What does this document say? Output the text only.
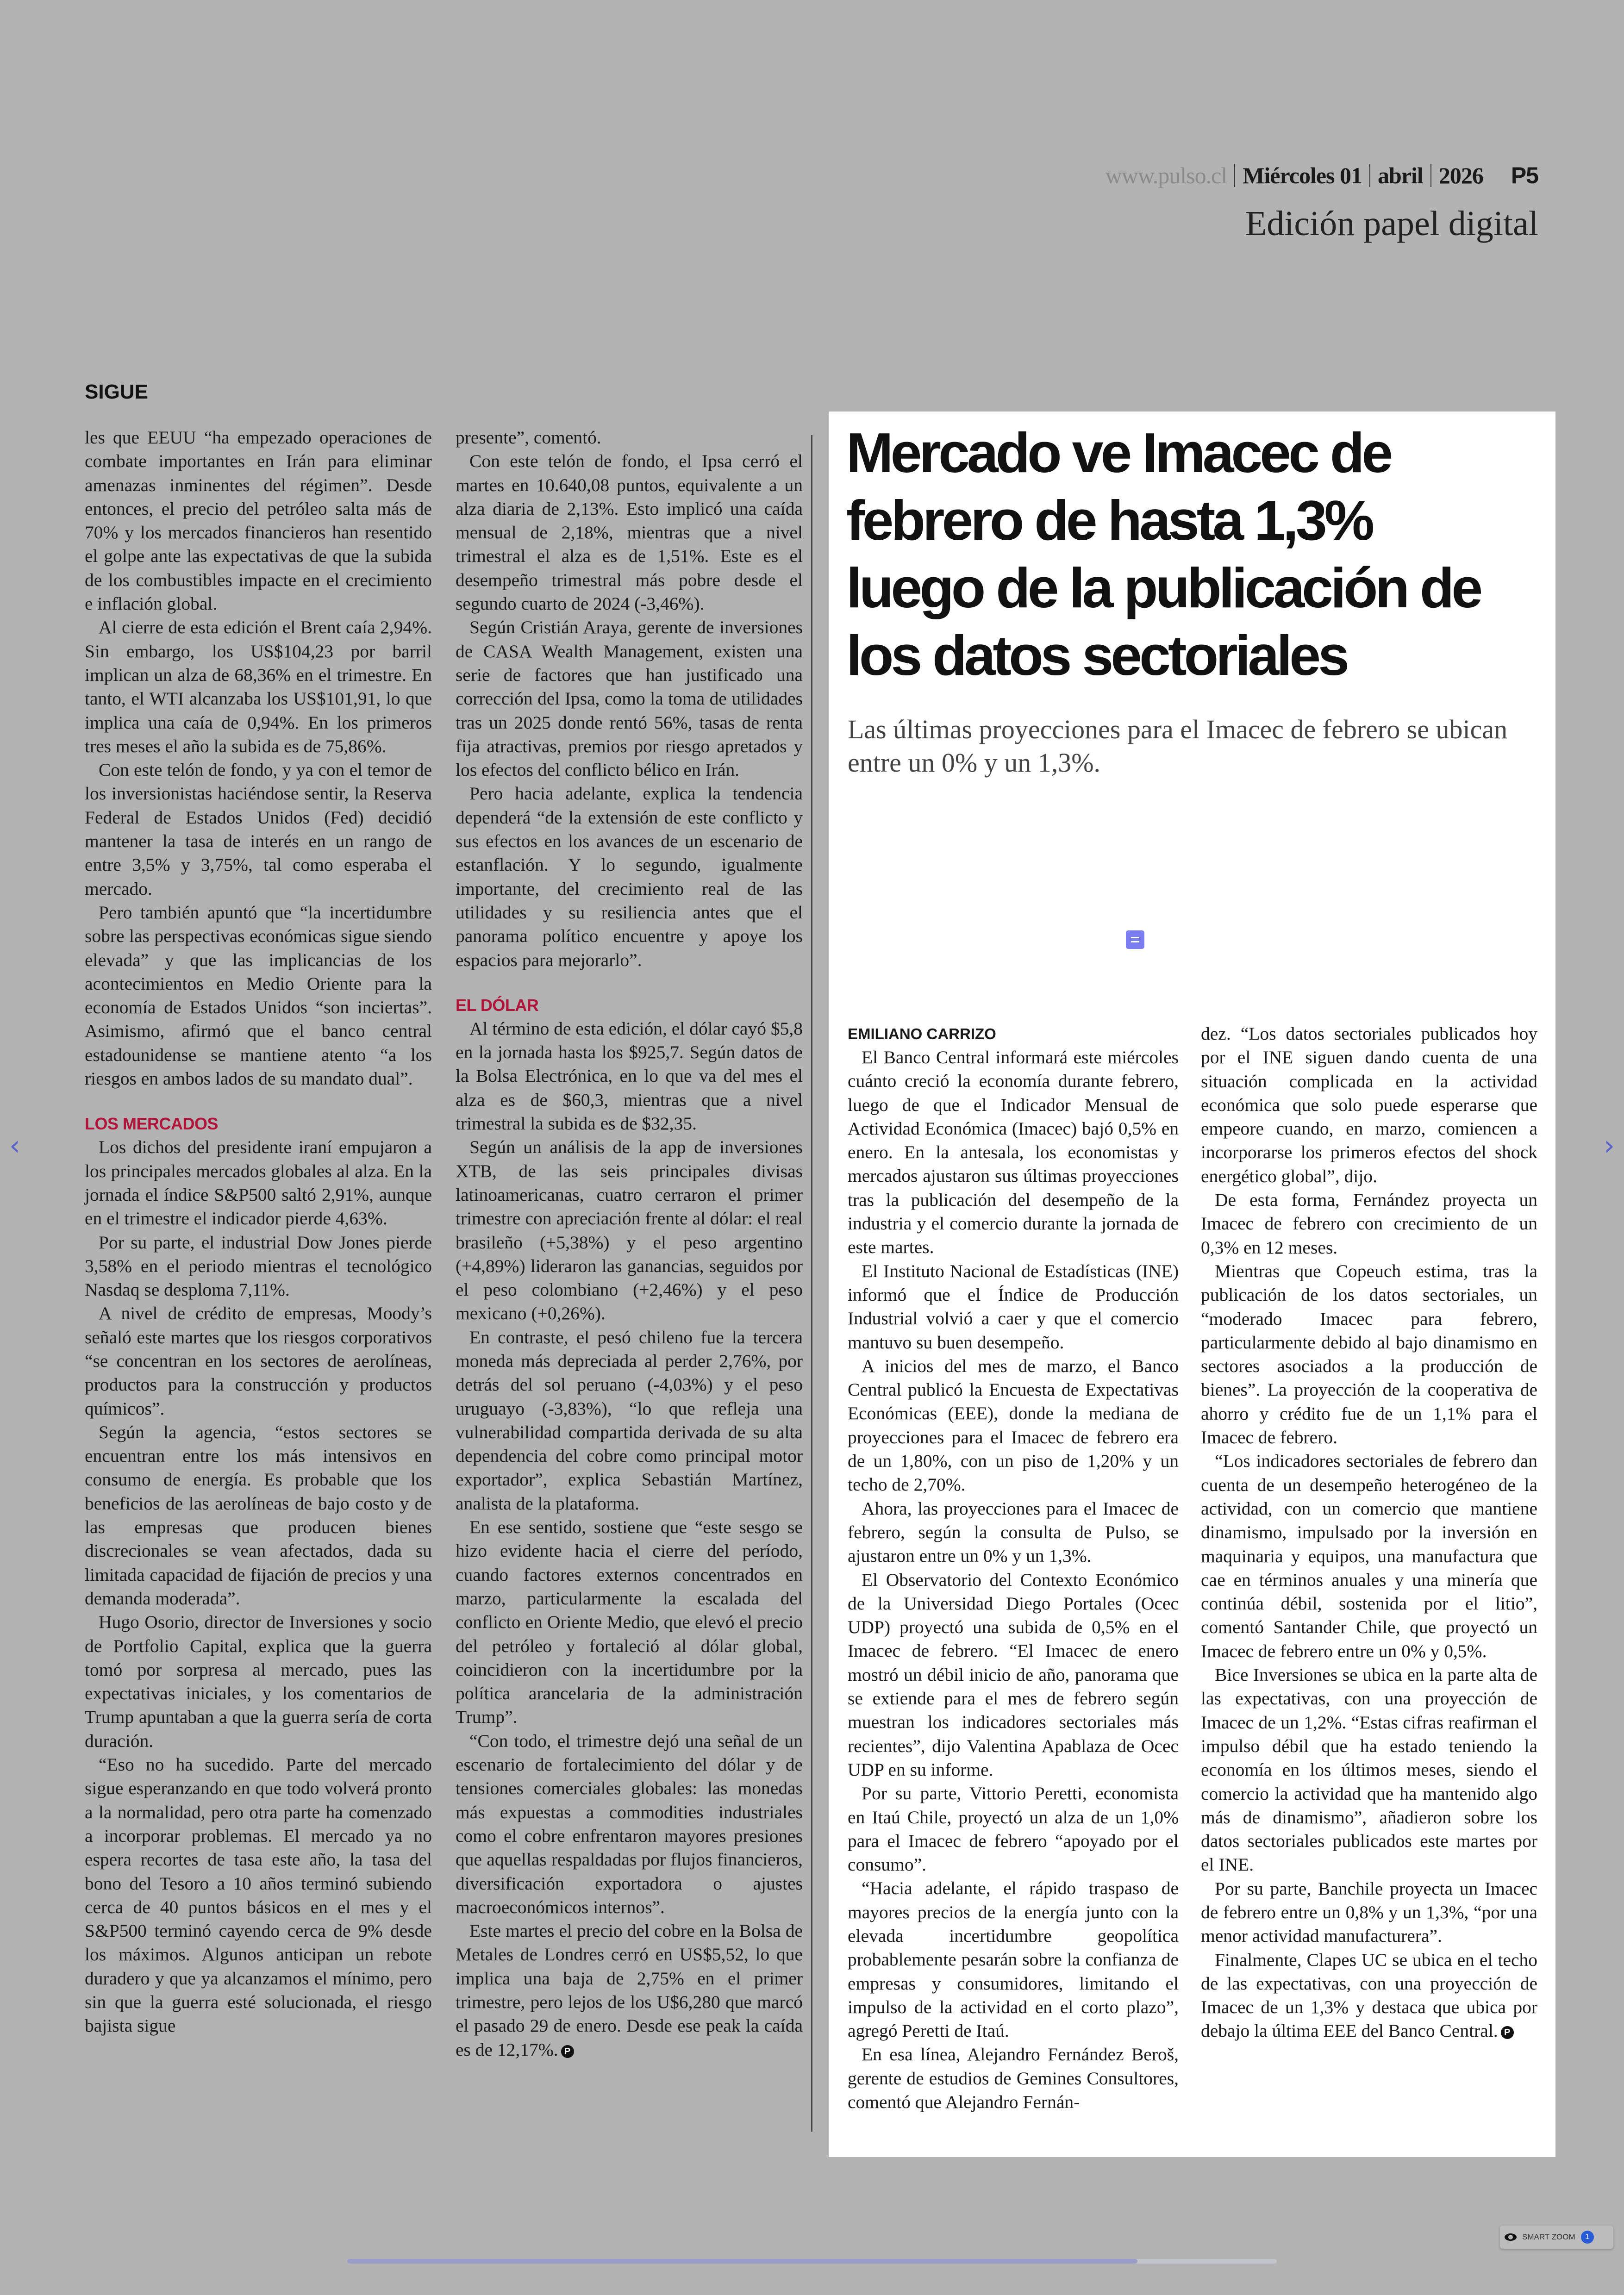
www.pulso.cl Miércoles 01 abril 2026 P5
Edición papel digital
SIGUE

les que EEUU “ha empezado operaciones de combate importantes en Irán para eliminar amenazas inminentes del régimen”. Desde entonces, el precio del petróleo salta más de 70% y los mercados financieros han resentido el golpe ante las expectativas de que la subida de los combustibles impacte en el crecimiento e inflación global.

Al cierre de esta edición el Brent caía 2,94%. Sin embargo, los US$104,23 por barril implican un alza de 68,36% en el trimestre. En tanto, el WTI alcanzaba los US$101,91, lo que implica una caía de 0,94%. En los primeros tres meses el año la subida es de 75,86%.

Con este telón de fondo, y ya con el temor de los inversionistas haciéndose sentir, la Reserva Federal de Estados Unidos (Fed) decidió mantener la tasa de interés en un rango de entre 3,5% y 3,75%, tal como esperaba el mercado.

Pero también apuntó que “la incertidumbre sobre las perspectivas económicas sigue siendo elevada” y que las implicancias de los acontecimientos en Medio Oriente para la economía de Estados Unidos “son inciertas”. Asimismo, afirmó que el banco central estadounidense se mantiene atento “a los riesgos en ambos lados de su mandato dual”.

LOS MERCADOS

Los dichos del presidente iraní empujaron a los principales mercados globales al alza. En la jornada el índice S&P500 saltó 2,91%, aunque en el trimestre el indicador pierde 4,63%.

Por su parte, el industrial Dow Jones pierde 3,58% en el periodo mientras el tecnológico Nasdaq se desploma 7,11%.

A nivel de crédito de empresas, Moody’s señaló este martes que los riesgos corporativos “se concentran en los sectores de aerolíneas, productos para la construcción y productos químicos”.

Según la agencia, “estos sectores se encuentran entre los más intensivos en consumo de energía. Es probable que los beneficios de las aerolíneas de bajo costo y de las empresas que producen bienes discrecionales se vean afectados, dada su limitada capacidad de fijación de precios y una demanda moderada”.

Hugo Osorio, director de Inversiones y socio de Portfolio Capital, explica que la guerra tomó por sorpresa al mercado, pues las expectativas iniciales, y los comentarios de Trump apuntaban a que la guerra sería de corta duración.

“Eso no ha sucedido. Parte del mercado sigue esperanzando en que todo volverá pronto a la normalidad, pero otra parte ha comenzado a incorporar problemas. El mercado ya no espera recortes de tasa este año, la tasa del bono del Tesoro a 10 años terminó subiendo cerca de 40 puntos básicos en el mes y el S&P500 terminó cayendo cerca de 9% desde los máximos. Algunos anticipan un rebote duradero y que ya alcanzamos el mínimo, pero sin que la guerra esté solucionada, el riesgo bajista sigue

presente”, comentó.

Con este telón de fondo, el Ipsa cerró el martes en 10.640,08 puntos, equivalente a un alza diaria de 2,13%. Esto implicó una caída mensual de 2,18%, mientras que a nivel trimestral el alza es de 1,51%. Este es el desempeño trimestral más pobre desde el segundo cuarto de 2024 (-3,46%).

Según Cristián Araya, gerente de inversiones de CASA Wealth Management, existen una serie de factores que han justificado una corrección del Ipsa, como la toma de utilidades tras un 2025 donde rentó 56%, tasas de renta fija atractivas, premios por riesgo apretados y los efectos del conflicto bélico en Irán.

Pero hacia adelante, explica la tendencia dependerá “de la extensión de este conflicto y sus efectos en los avances de un escenario de estanflación. Y lo segundo, igualmente importante, del crecimiento real de las utilidades y su resiliencia antes que el panorama político encuentre y apoye los espacios para mejorarlo”.

EL DÓLAR

Al término de esta edición, el dólar cayó $5,8 en la jornada hasta los $925,7. Según datos de la Bolsa Electrónica, en lo que va del mes el alza es de $60,3, mientras que a nivel trimestral la subida es de $32,35.

Según un análisis de la app de inversiones XTB, de las seis principales divisas latinoamericanas, cuatro cerraron el primer trimestre con apreciación frente al dólar: el real brasileño (+5,38%) y el peso argentino (+4,89%) lideraron las ganancias, seguidos por el peso colombiano (+2,46%) y el peso mexicano (+0,26%).

En contraste, el pesó chileno fue la tercera moneda más depreciada al perder 2,76%, por detrás del sol peruano (-4,03%) y el peso uruguayo (-3,83%), “lo que refleja una vulnerabilidad compartida derivada de su alta dependencia del cobre como principal motor exportador”, explica Sebastián Martínez, analista de la plataforma.

En ese sentido, sostiene que “este sesgo se hizo evidente hacia el cierre del período, cuando factores externos concentrados en marzo, particularmente la escalada del conflicto en Oriente Medio, que elevó el precio del petróleo y fortaleció al dólar global, coincidieron con la incertidumbre por la política arancelaria de la administración Trump”.

“Con todo, el trimestre dejó una señal de un escenario de fortalecimiento del dólar y de tensiones comerciales globales: las monedas más expuestas a commodities industriales como el cobre enfrentaron mayores presiones que aquellas respaldadas por flujos financieros, diversificación exportadora o ajustes macroeconómicos internos”.

Este martes el precio del cobre en la Bolsa de Metales de Londres cerró en US$5,52, lo que implica una baja de 2,75% en el primer trimestre, pero lejos de los U$6,280 que marcó el pasado 29 de enero. Desde ese peak la caída es de 12,17%. P

Mercado ve Imacec de
febrero de hasta 1,3%
luego de la publicación de
los datos sectoriales
Las últimas proyecciones para el Imacec de febrero se ubican entre un 0% y un 1,3%.

EMILIANO CARRIZO

El Banco Central informará este miércoles cuánto creció la economía durante febrero, luego de que el Indicador Mensual de Actividad Económica (Imacec) bajó 0,5% en enero. En la antesala, los economistas y mercados ajustaron sus últimas proyecciones tras la publicación del desempeño de la industria y el comercio durante la jornada de este martes.

El Instituto Nacional de Estadísticas (INE) informó que el Índice de Producción Industrial volvió a caer y que el comercio mantuvo su buen desempeño.

A inicios del mes de marzo, el Banco Central publicó la Encuesta de Expectativas Económicas (EEE), donde la mediana de proyecciones para el Imacec de febrero era de un 1,80%, con un piso de 1,20% y un techo de 2,70%.

Ahora, las proyecciones para el Imacec de febrero, según la consulta de Pulso, se ajustaron entre un 0% y un 1,3%.

El Observatorio del Contexto Económico de la Universidad Diego Portales (Ocec UDP) proyectó una subida de 0,5% en el Imacec de febrero. “El Imacec de enero mostró un débil inicio de año, panorama que se extiende para el mes de febrero según muestran los indicadores sectoriales más recientes”, dijo Valentina Apablaza de Ocec UDP en su informe.

Por su parte, Vittorio Peretti, economista en Itaú Chile, proyectó un alza de un 1,0% para el Imacec de febrero “apoyado por el consumo”.

“Hacia adelante, el rápido traspaso de mayores precios de la energía junto con la elevada incertidumbre geopolítica probablemente pesarán sobre la confianza de empresas y consumidores, limitando el impulso de la actividad en el corto plazo”, agregó Peretti de Itaú.

En esa línea, Alejandro Fernández Beroš, gerente de estudios de Gemines Consultores, comentó que Alejandro Fernán-

dez. “Los datos sectoriales publicados hoy por el INE siguen dando cuenta de una situación complicada en la actividad económica que solo puede esperarse que empeore cuando, en marzo, comiencen a incorporarse los primeros efectos del shock energético global”, dijo.

De esta forma, Fernández proyecta un Imacec de febrero con crecimiento de un 0,3% en 12 meses.

Mientras que Copeuch estima, tras la publicación de los datos sectoriales, un “moderado Imacec para febrero, particularmente debido al bajo dinamismo en sectores asociados a la producción de bienes”. La proyección de la cooperativa de ahorro y crédito fue de un 1,1% para el Imacec de febrero.

“Los indicadores sectoriales de febrero dan cuenta de un desempeño heterogéneo de la actividad, con un comercio que mantiene dinamismo, impulsado por la inversión en maquinaria y equipos, una manufactura que cae en términos anuales y una minería que continúa débil, sostenida por el litio”, comentó Santander Chile, que proyectó un Imacec de febrero entre un 0% y 0,5%.

Bice Inversiones se ubica en la parte alta de las expectativas, con una proyección de Imacec de un 1,2%. “Estas cifras reafirman el impulso débil que ha estado teniendo la economía en los últimos meses, siendo el comercio la actividad que ha mantenido algo más de dinamismo”, añadieron sobre los datos sectoriales publicados este martes por el INE.

Por su parte, Banchile proyecta un Imacec de febrero entre un 0,8% y un 1,3%, “por una menor actividad manufacturera”.

Finalmente, Clapes UC se ubica en el techo de las expectativas, con una proyección de Imacec de un 1,3% y destaca que ubica por debajo la última EEE del Banco Central. P

‹	›
SMART ZOOM	1
